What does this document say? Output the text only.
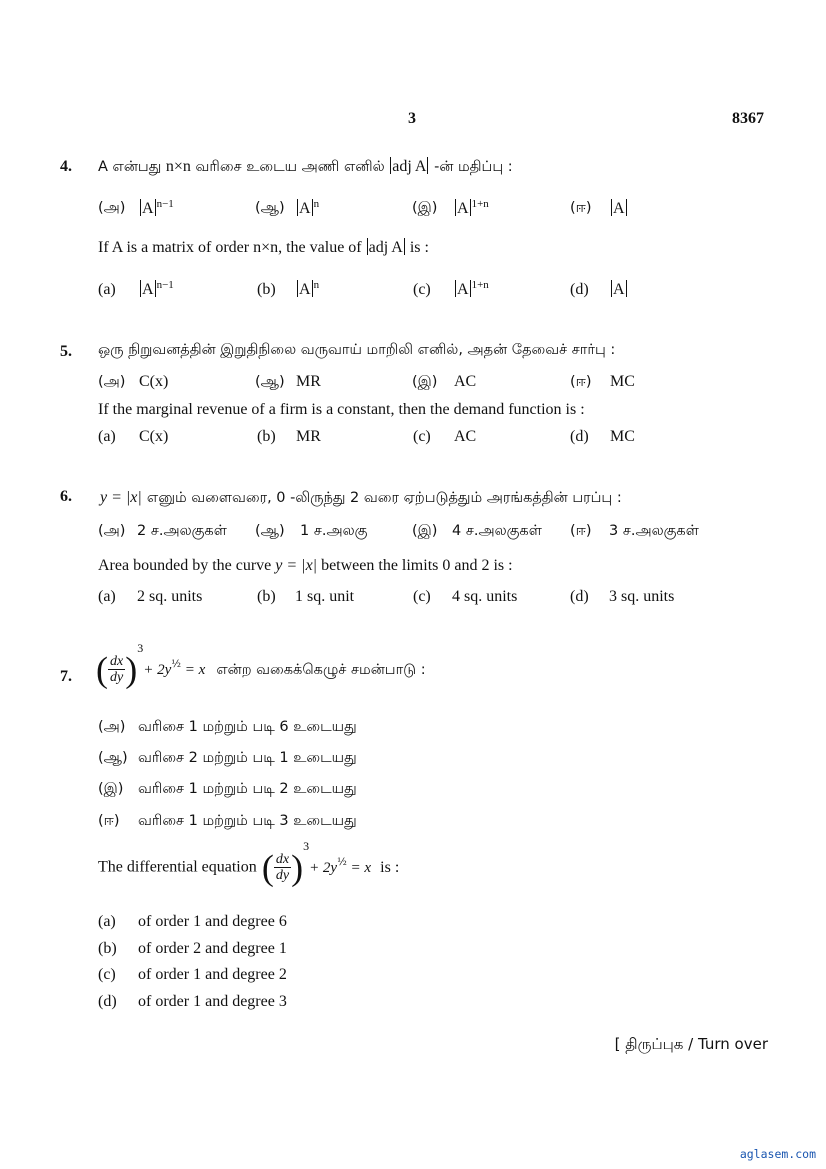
3	8367
4. A என்பது n×n வரிசை உடைய அணி எனில் adj A -ன் மதிப்பு :
(அ) A $^{n-1}$	(ஆ) A $^n$	(இ) A $^{1+n}$	(ஈ) A
If A is a matrix of order n×n, the value of adj A is :
(a) A $^{n-1}$	(b) A $^n$	(c) A $^{1+n}$	(d) A
5. ஒரு நிறுவனத்தின் இறுதிநிலை வருவாய் மாறிலி எனில், அதன் தேவைச் சார்பு :
(அ) C(x)	(ஆ) MR	(இ) AC	(ஈ) MC
If the marginal revenue of a firm is a constant, then the demand function is :
(a) C(x)	(b) MR	(c) AC	(d) MC
6. y = |x| எனும் வளைவரை, 0 -லிருந்து 2 வரை ஏற்படுத்தும் அரங்கத்தின் பரப்பு :
(அ) 2 ச.அலகுகள் (ஆ) 1 ச.அலகு	(இ) 4 ச.அலகுகள் (ஈ) 3 ச.அலகுகள்
Area bounded by the curve y = |x| between the limits 0 and 2 is :
(a) 2 sq. units	(b) 1 sq. unit	(c) 4 sq. units	(d) 3 sq. units
7. ( $\frac{dx}{dy} )^3+ 2y^{\frac{1}{2}} = x$ என்ற வகைக்கெழுச் சமன்பாடு :
(அ) வரிசை 1 மற்றும் படி 6 உடையது
(ஆ) வரிசை 2 மற்றும் படி 1 உடையது
(இ) வரிசை 1 மற்றும் படி 2 உடையது
(ஈ) வரிசை 1 மற்றும் படி 3 உடையது
The differential equation ( $\frac{dx}{dy} )^3+ 2y^{\frac{1}{2}} = x$ is :
(a) of order 1 and degree 6
(b) of order 2 and degree 1
(c) of order 1 and degree 2
(d) of order 1 and degree 3
[ திருப்புக / Turn over
aglasem.com
